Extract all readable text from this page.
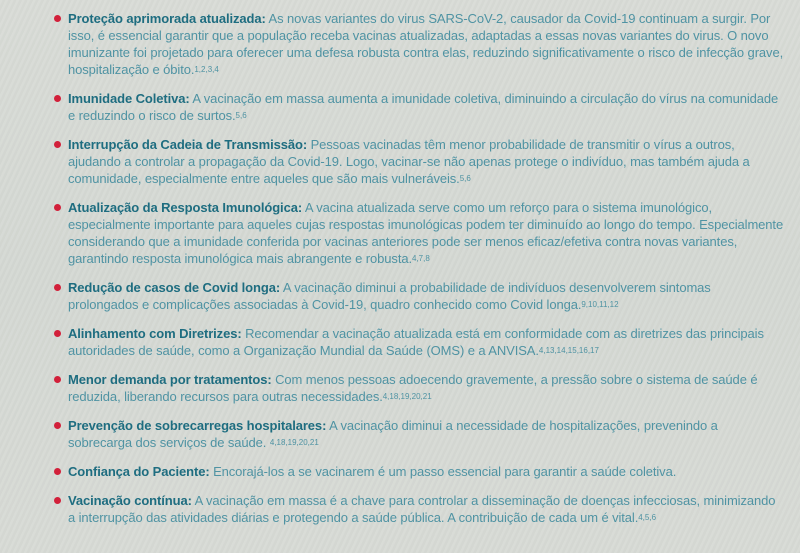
Proteção aprimorada atualizada: As novas variantes do virus SARS-CoV-2, causador da Covid-19 continuam a surgir. Por isso, é essencial garantir que a população receba vacinas atualizadas, adaptadas a essas novas variantes do virus. O novo imunizante foi projetado para oferecer uma defesa robusta contra elas, reduzindo significativamente o risco de infecção grave, hospitalização e óbito.$^{1,2,3,4}$

Imunidade Coletiva: A vacinação em massa aumenta a imunidade coletiva, diminuindo a circulação do vírus na comunidade e reduzindo o risco de surtos.$^{5,6}$

Interrupção da Cadeia de Transmissão: Pessoas vacinadas têm menor probabilidade de transmitir o vírus a outros, ajudando a controlar a propagação da Covid-19. Logo, vacinar-se não apenas protege o indivíduo, mas também ajuda a comunidade, especialmente entre aqueles que são mais vulneráveis.$^{5,6}$

Atualização da Resposta Imunológica: A vacina atualizada serve como um reforço para o sistema imunológico, especialmente importante para aqueles cujas respostas imunológicas podem ter diminuído ao longo do tempo. Especialmente considerando que a imunidade conferida por vacinas anteriores pode ser menos eficaz/efetiva contra novas variantes, garantindo resposta imunológica mais abrangente e robusta.$^{4,7,8}$

Redução de casos de Covid longa: A vacinação diminui a probabilidade de indivíduos desenvolverem sintomas prolongados e complicações associadas à Covid-19, quadro conhecido como Covid longa.$^{9,10,11,12}$

Alinhamento com Diretrizes: Recomendar a vacinação atualizada está em conformidade com as diretrizes das principais autoridades de saúde, como a Organização Mundial da Saúde (OMS) e a ANVISA.$^{4,13,14,15,16,17}$

Menor demanda por tratamentos: Com menos pessoas adoecendo gravemente, a pressão sobre o sistema de saúde é reduzida, liberando recursos para outras necessidades.$^{4,18,19,20,21}$

Prevenção de sobrecarregas hospitalares: A vacinação diminui a necessidade de hospitalizações, prevenindo a sobrecarga dos serviços de saúde. $^{4,18,19,20,21}$

Confiança do Paciente: Encorajá-los a se vacinarem é um passo essencial para garantir a saúde coletiva.

Vacinação contínua: A vacinação em massa é a chave para controlar a disseminação de doenças infecciosas, minimizando a interrupção das atividades diárias e protegendo a saúde pública. A contribuição de cada um é vital.$^{4,5,6}$
